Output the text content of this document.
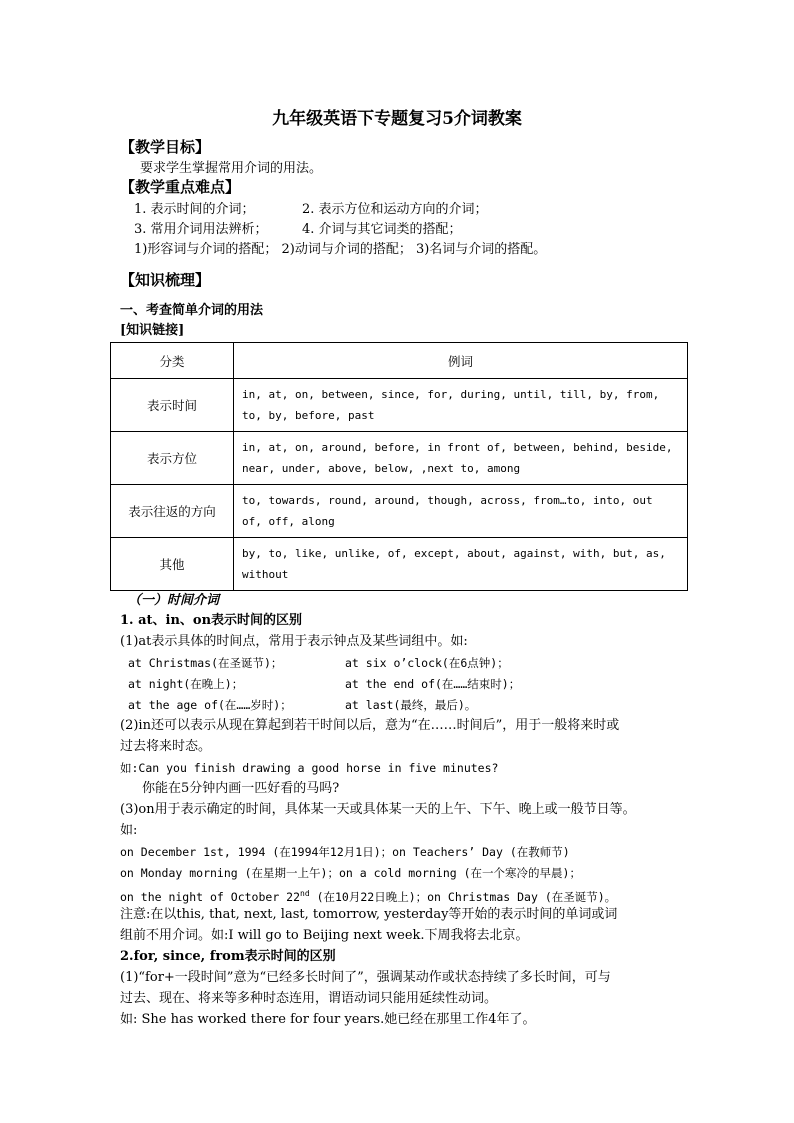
九年级英语下专题复习5介词教案
【教学目标】
要求学生掌握常用介词的用法。
【教学重点难点】
1. 表示时间的介词；	2. 表示方位和运动方向的介词；
3. 常用介词用法辨析；	4. 介词与其它词类的搭配；
1)形容词与介词的搭配； 2)动词与介词的搭配； 3)名词与介词的搭配。
【知识梳理】
一、考查简单介词的用法
[知识链接]
分类	例词
表示时间	in, at, on, between, since, for, during, until, till, by, from,
to, by, before, past

表示方位	in, at, on, around, before, in front of, between, behind, beside,
near, under, above, below, ,next to, among

表示往返的方向	to, towards, round, around, though, across, from…to, into, out
of, off, along

其他	by, to, like, unlike, of, except, about, against, with, but, as,
without
（一）时间介词
1. at、in、on表示时间的区别
(1)at表示具体的时间点，常用于表示钟点及某些词组中。如:
at Christmas(在圣诞节)；	at six o’clock(在6点钟)；
at night(在晚上)；	at the end of(在……结束时)；
at the age of(在……岁时)；	at last(最终，最后)。
(2)in还可以表示从现在算起到若干时间以后，意为“在……时间后”，用于一般将来时或
过去将来时态。
如:Can you finish drawing a good horse in five minutes?
你能在5分钟内画一匹好看的马吗?
(3)on用于表示确定的时间，具体某一天或具体某一天的上午、下午、晚上或一般节日等。
如:
on December 1st, 1994 (在1994年12月1日)；on Teachers’ Day (在教师节)
on Monday morning (在星期一上午)；on a cold morning (在一个寒冷的早晨)；
on the night of October 22nd (在10月22日晚上)；on Christmas Day (在圣诞节)。
注意:在以this, that, next, last, tomorrow, yesterday等开始的表示时间的单词或词
组前不用介词。如:I will go to Beijing next week.下周我将去北京。
2.for, since, from表示时间的区别
(1)“for+一段时间”意为“已经多长时间了”，强调某动作或状态持续了多长时间，可与
过去、现在、将来等多种时态连用，谓语动词只能用延续性动词。
如: She has worked there for four years.她已经在那里工作4年了。
